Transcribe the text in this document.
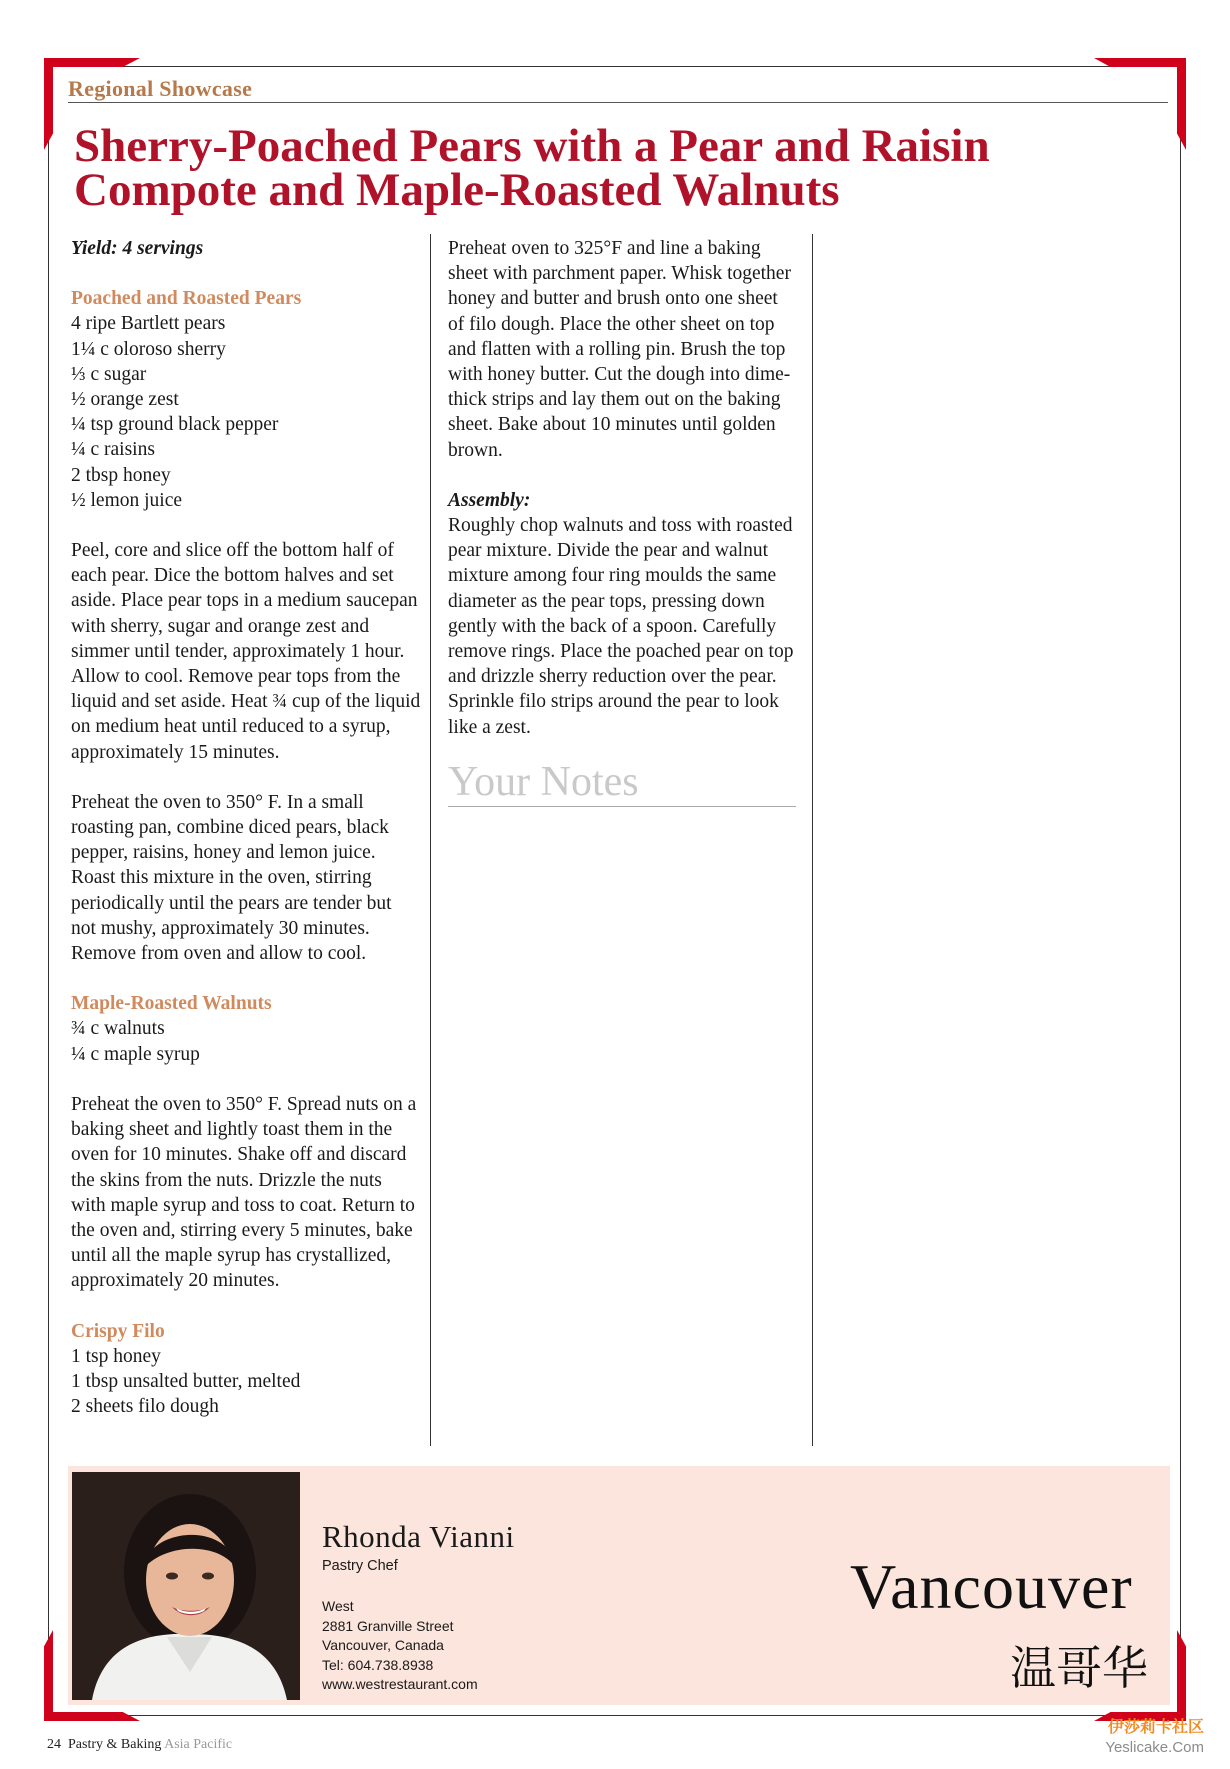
Regional Showcase
Sherry-Poached Pears with a Pear and Raisin
Compote and Maple-Roasted Walnuts
Yield: 4 servings
Poached and Roasted Pears
4 ripe Bartlett pears
1¼ c oloroso sherry
⅓ c sugar
½ orange zest
¼ tsp ground black pepper
¼ c raisins
2 tbsp honey
½ lemon juice

Peel, core and slice off the bottom half of each pear. Dice the bottom halves and set aside. Place pear tops in a medium saucepan with sherry, sugar and orange zest and simmer until tender, approximately 1 hour. Allow to cool. Remove pear tops from the liquid and set aside. Heat ¾ cup of the liquid on medium heat until reduced to a syrup, approximately 15 minutes.

Preheat the oven to 350° F. In a small roasting pan, combine diced pears, black pepper, raisins, honey and lemon juice. Roast this mixture in the oven, stirring periodically until the pears are tender but not mushy, approximately 30 minutes. Remove from oven and allow to cool.

Maple-Roasted Walnuts
¾ c walnuts
¼ c maple syrup

Preheat the oven to 350° F. Spread nuts on a baking sheet and lightly toast them in the oven for 10 minutes. Shake off and discard the skins from the nuts. Drizzle the nuts with maple syrup and toss to coat. Return to the oven and, stirring every 5 minutes, bake until all the maple syrup has crystallized, approximately 20 minutes.

Crispy Filo
1 tsp honey
1 tbsp unsalted butter, melted
2 sheets filo dough

Preheat oven to 325°F and line a baking sheet with parchment paper. Whisk together honey and butter and brush onto one sheet of filo dough. Place the other sheet on top and flatten with a rolling pin. Brush the top with honey butter. Cut the dough into dime-thick strips and lay them out on the baking sheet. Bake about 10 minutes until golden brown.

Assembly:

Roughly chop walnuts and toss with roasted pear mixture. Divide the pear and walnut mixture among four ring moulds the same diameter as the pear tops, pressing down gently with the back of a spoon. Carefully remove rings. Place the poached pear on top and drizzle sherry reduction over the pear. Sprinkle filo strips around the pear to look like a zest.

Your Notes
Rhonda Vianni
Pastry Chef
West
2881 Granville Street
Vancouver, Canada
Tel: 604.738.8938
www.westrestaurant.com
Vancouver
温哥华
24 Pastry & Baking Asia Pacific
伊莎莉卡社区
Yeslicake.Com
